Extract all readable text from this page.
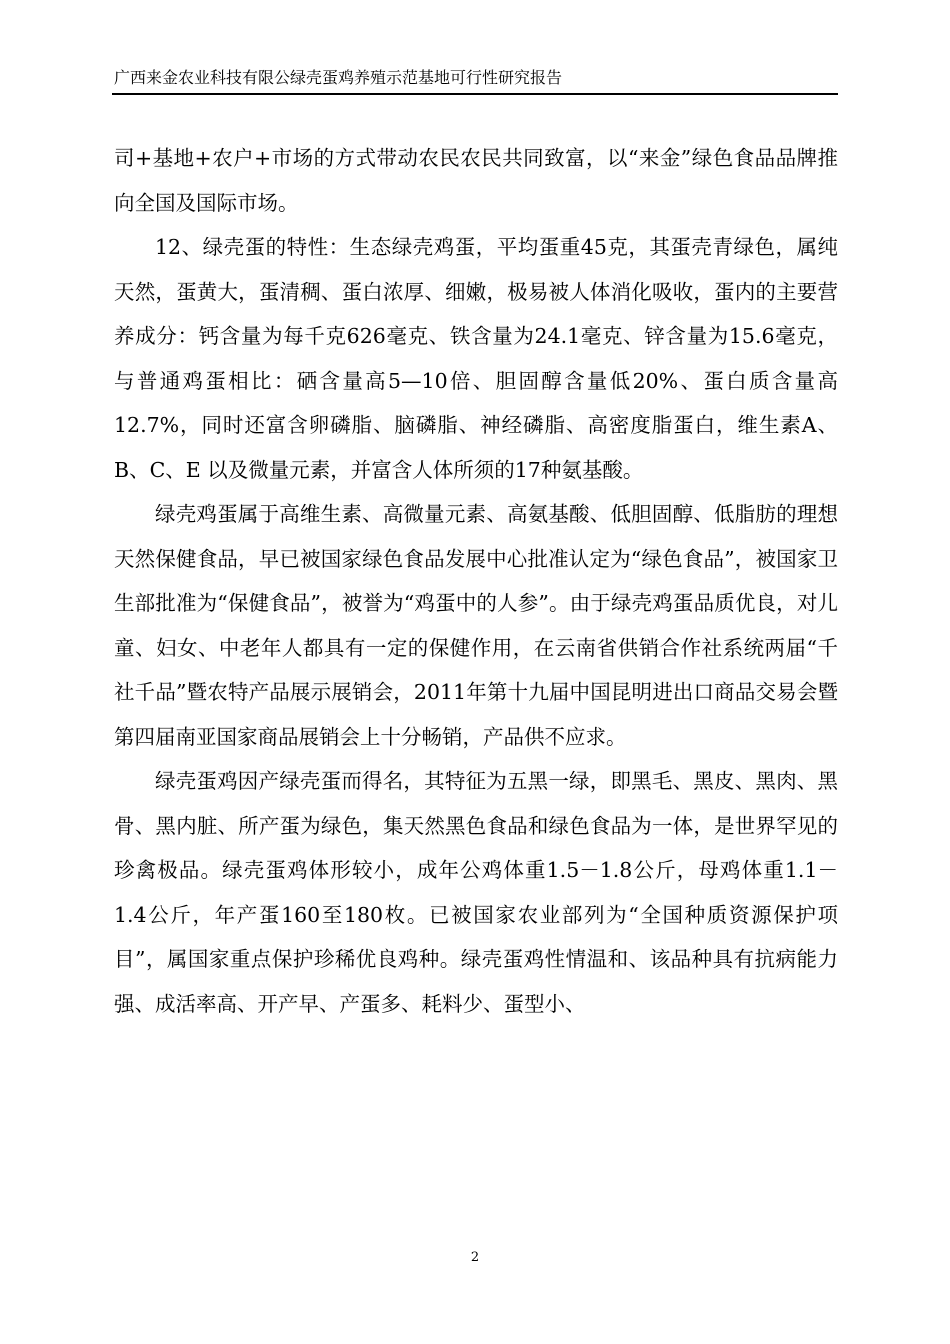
广西来金农业科技有限公绿壳蛋鸡养殖示范基地可行性研究报告

司+基地+农户+市场的方式带动农民农民共同致富，以“来金”绿色食品品牌推向全国及国际市场。

12、绿壳蛋的特性：生态绿壳鸡蛋，平均蛋重45克，其蛋壳青绿色，属纯天然，蛋黄大，蛋清稠、蛋白浓厚、细嫩，极易被人体消化吸收，蛋内的主要营养成分：钙含量为每千克626毫克、铁含量为24.1毫克、锌含量为15.6毫克，与普通鸡蛋相比：硒含量高5—10倍、胆固醇含量低20%、蛋白质含量高12.7%，同时还富含卵磷脂、脑磷脂、神经磷脂、高密度脂蛋白，维生素A、B、C、E 以及微量元素，并富含人体所须的17种氨基酸。

绿壳鸡蛋属于高维生素、高微量元素、高氨基酸、低胆固醇、低脂肪的理想天然保健食品，早已被国家绿色食品发展中心批准认定为“绿色食品”，被国家卫生部批准为“保健食品”，被誉为“鸡蛋中的人参”。由于绿壳鸡蛋品质优良，对儿童、妇女、中老年人都具有一定的保健作用，在云南省供销合作社系统两届“千社千品”暨农特产品展示展销会，2011年第十九届中国昆明进出口商品交易会暨第四届南亚国家商品展销会上十分畅销，产品供不应求。

绿壳蛋鸡因产绿壳蛋而得名，其特征为五黑一绿，即黑毛、黑皮、黑肉、黑骨、黑内脏、所产蛋为绿色，集天然黑色食品和绿色食品为一体，是世界罕见的珍禽极品。绿壳蛋鸡体形较小，成年公鸡体重1.5－1.8公斤，母鸡体重1.1－1.4公斤，年产蛋160至180枚。已被国家农业部列为“全国种质资源保护项目”，属国家重点保护珍稀优良鸡种。绿壳蛋鸡性情温和、该品种具有抗病能力强、成活率高、开产早、产蛋多、耗料少、蛋型小、

2
